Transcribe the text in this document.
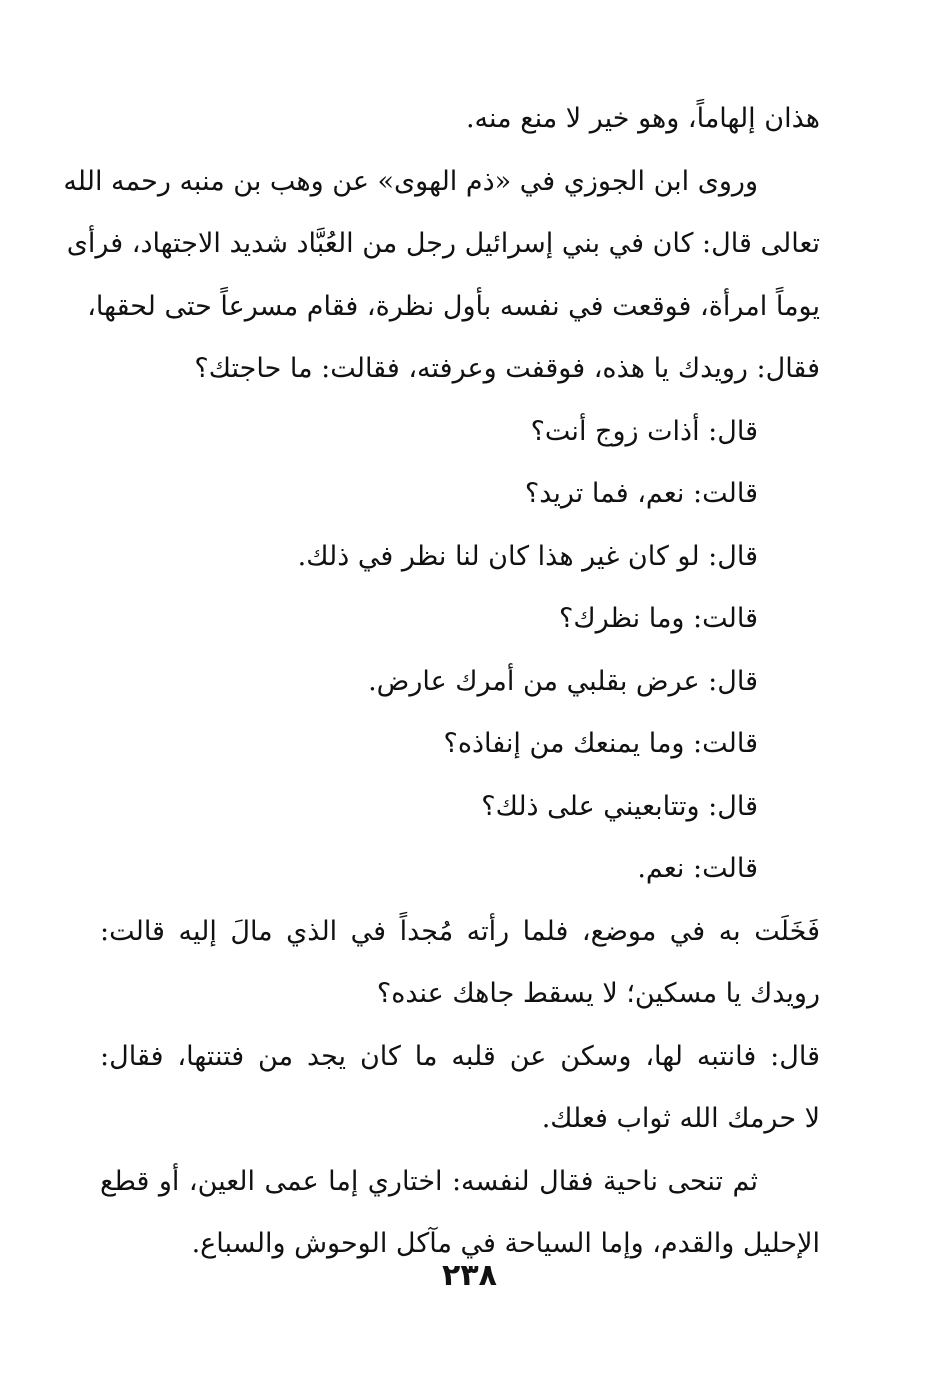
هذان إلهاماً، وهو خير لا منع منه.
وروى ابن الجوزي في «ذم الهوى» عن وهب بن منبه رحمه الله
تعالى قال: كان في بني إسرائيل رجل من العُبَّاد شديد الاجتهاد، فرأى
يوماً امرأة، فوقعت في نفسه بأول نظرة، فقام مسرعاً حتى لحقها،
فقال: رويدك يا هذه، فوقفت وعرفته، فقالت: ما حاجتك؟
قال: أذات زوج أنت؟
قالت: نعم، فما تريد؟
قال: لو كان غير هذا كان لنا نظر في ذلك.
قالت: وما نظرك؟
قال: عرض بقلبي من أمرك عارض.
قالت: وما يمنعك من إنفاذه؟
قال: وتتابعيني على ذلك؟
قالت: نعم.
فَخَلَت به في موضع، فلما رأته مُجداً في الذي مالَ إليه قالت:
رويدك يا مسكين؛ لا يسقط جاهك عنده؟
قال: فانتبه لها، وسكن عن قلبه ما كان يجد من فتنتها، فقال:
لا حرمك الله ثواب فعلك.
ثم تنحى ناحية فقال لنفسه: اختاري إما عمى العين، أو قطع
الإحليل والقدم، وإما السياحة في مآكل الوحوش والسباع.
٢٣٨
